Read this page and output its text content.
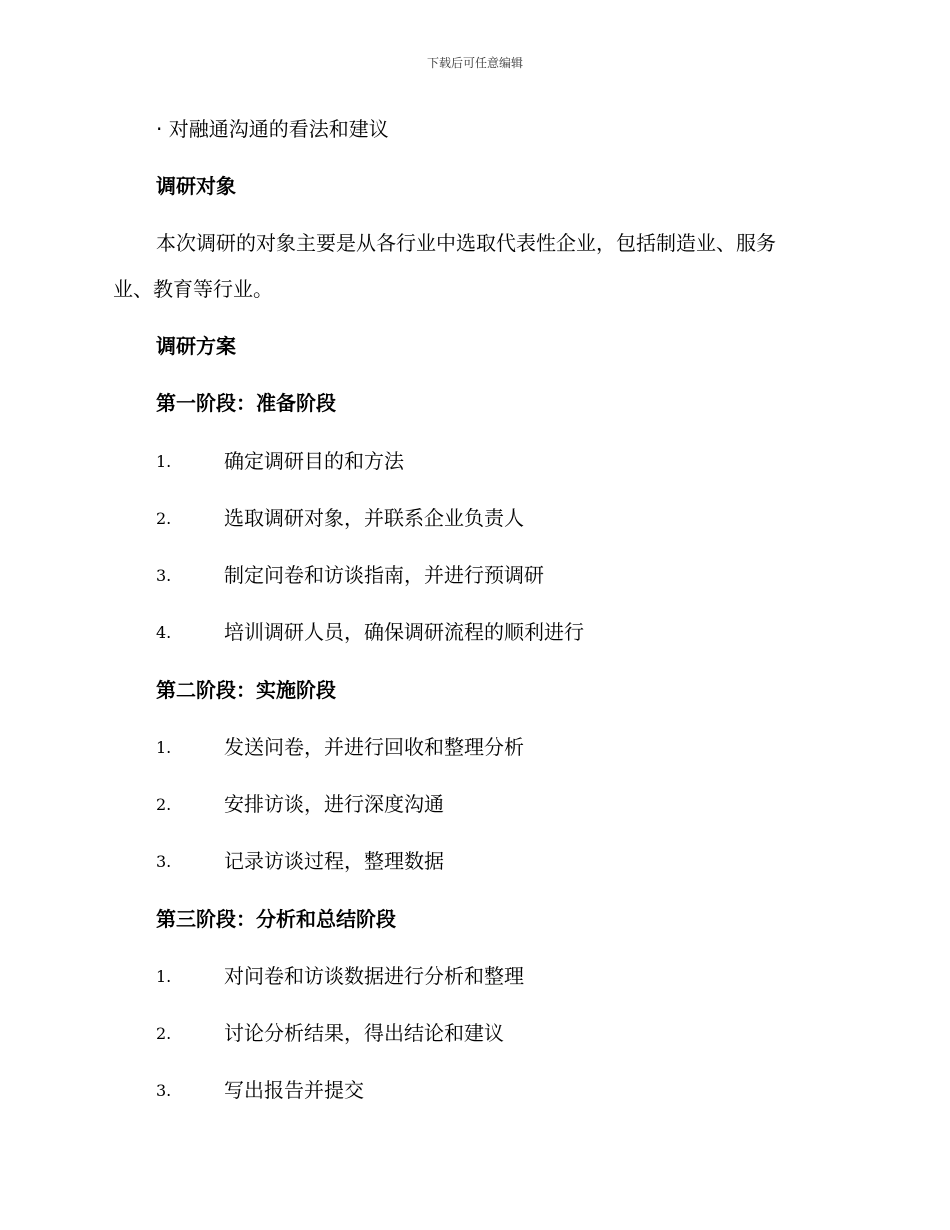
下载后可任意编辑
· 对融通沟通的看法和建议
调研对象
本次调研的对象主要是从各行业中选取代表性企业，包括制造业、服务
业、教育等行业。
调研方案
第一阶段：准备阶段
1.	确定调研目的和方法
2.	选取调研对象，并联系企业负责人
3.	制定问卷和访谈指南，并进行预调研
4.	培训调研人员，确保调研流程的顺利进行
第二阶段：实施阶段
1.	发送问卷，并进行回收和整理分析
2.	安排访谈，进行深度沟通
3.	记录访谈过程，整理数据
第三阶段：分析和总结阶段
1.	对问卷和访谈数据进行分析和整理
2.	讨论分析结果，得出结论和建议
3.	写出报告并提交
